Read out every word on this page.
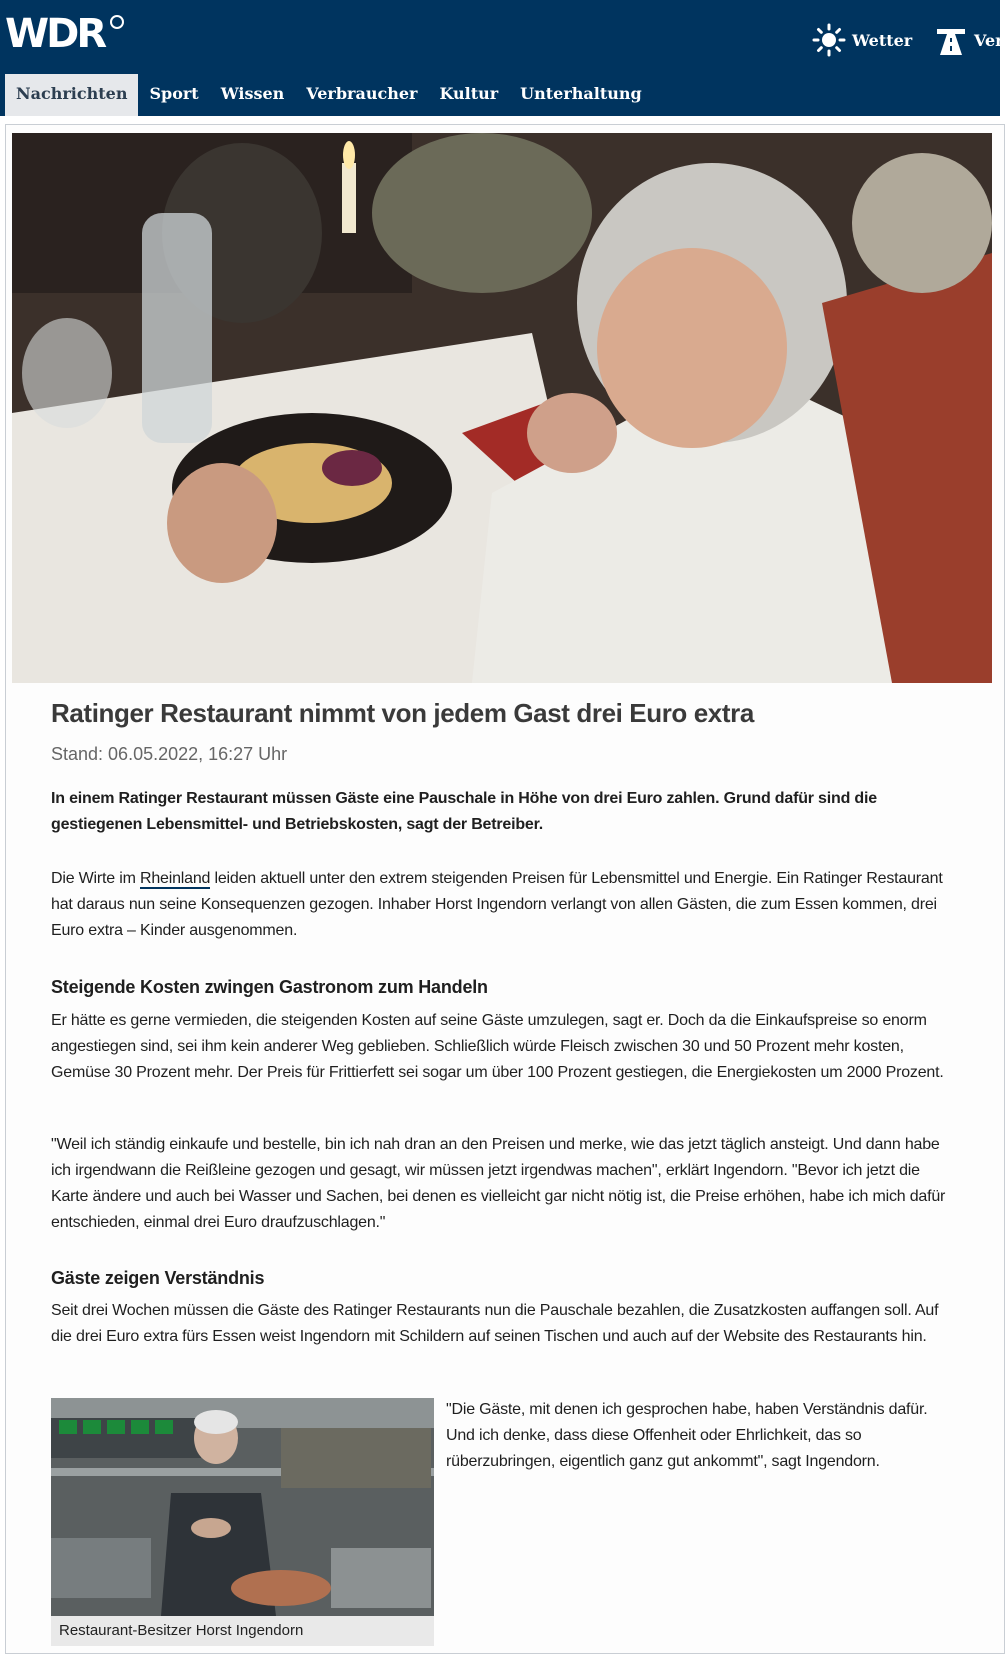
WDR	Wetter	Ver
Nachrichten	Sport	Wissen	Verbraucher	Kultur	Unterhaltung
Ratinger Restaurant nimmt von jedem Gast drei Euro extra
Stand: 06.05.2022, 16:27 Uhr
In einem Ratinger Restaurant müssen Gäste eine Pauschale in Höhe von drei Euro zahlen. Grund dafür sind die gestiegenen Lebensmittel- und Betriebskosten, sagt der Betreiber.

Die Wirte im Rheinland leiden aktuell unter den extrem steigenden Preisen für Lebensmittel und Energie. Ein Ratinger Restaurant hat daraus nun seine Konsequenzen gezogen. Inhaber Horst Ingendorn verlangt von allen Gästen, die zum Essen kommen, drei Euro extra – Kinder ausgenommen.

Steigende Kosten zwingen Gastronom zum Handeln

Er hätte es gerne vermieden, die steigenden Kosten auf seine Gäste umzulegen, sagt er. Doch da die Einkaufspreise so enorm angestiegen sind, sei ihm kein anderer Weg geblieben. Schließlich würde Fleisch zwischen 30 und 50 Prozent mehr kosten, Gemüse 30 Prozent mehr. Der Preis für Frittierfett sei sogar um über 100 Prozent gestiegen, die Energiekosten um 2000 Prozent.

"Weil ich ständig einkaufe und bestelle, bin ich nah dran an den Preisen und merke, wie das jetzt täglich ansteigt. Und dann habe ich irgendwann die Reißleine gezogen und gesagt, wir müssen jetzt irgendwas machen", erklärt Ingendorn. "Bevor ich jetzt die Karte ändere und auch bei Wasser und Sachen, bei denen es vielleicht gar nicht nötig ist, die Preise erhöhen, habe ich mich dafür entschieden, einmal drei Euro draufzuschlagen."

Gäste zeigen Verständnis

Seit drei Wochen müssen die Gäste des Ratinger Restaurants nun die Pauschale bezahlen, die Zusatzkosten auffangen soll. Auf die drei Euro extra fürs Essen weist Ingendorn mit Schildern auf seinen Tischen und auch auf der Website des Restaurants hin.

Restaurant-Besitzer Horst Ingendorn
"Die Gäste, mit denen ich gesprochen habe, haben Verständnis dafür. Und ich denke, dass diese Offenheit oder Ehrlichkeit, das so rüberzubringen, eigentlich ganz gut ankommt", sagt Ingendorn.
